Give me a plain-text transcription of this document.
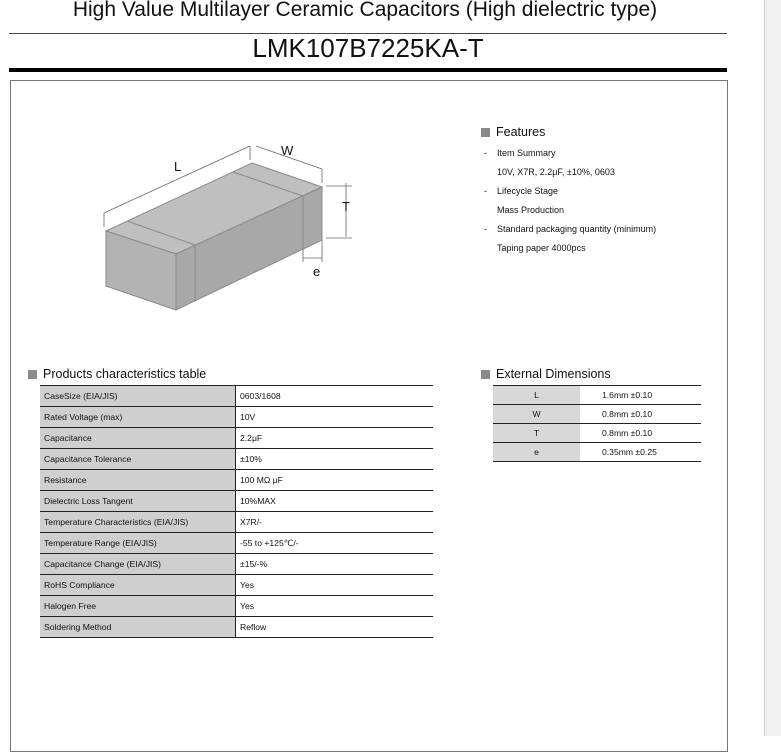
High Value Multilayer Ceramic Capacitors (High dielectric type)
LMK107B7225KA-T
L
W
T
e
Features
- Item Summary
10V, X7R, 2.2μF, ±10%, 0603
- Lifecycle Stage
Mass Production
- Standard packaging quantity (minimum)
Taping paper 4000pcs
Products characteristics table
CaseSize (EIA/JIS)	0603/1608
Rated Voltage (max)	10V
Capacitance	2.2μF
Capacitance Tolerance	±10%
Resistance	100 MΩ μF
Dielectric Loss Tangent	10%MAX
Temperature Characteristics (EIA/JIS)	X7R/-
Temperature Range (EIA/JIS)	-55 to +125℃/-
Capacitance Change (EIA/JIS)	±15/-%
RoHS Compliance	Yes
Halogen Free	Yes
Soldering Method	Reflow
External Dimensions
L	1.6mm ±0.10
W	0.8mm ±0.10
T	0.8mm ±0.10
e	0.35mm ±0.25
